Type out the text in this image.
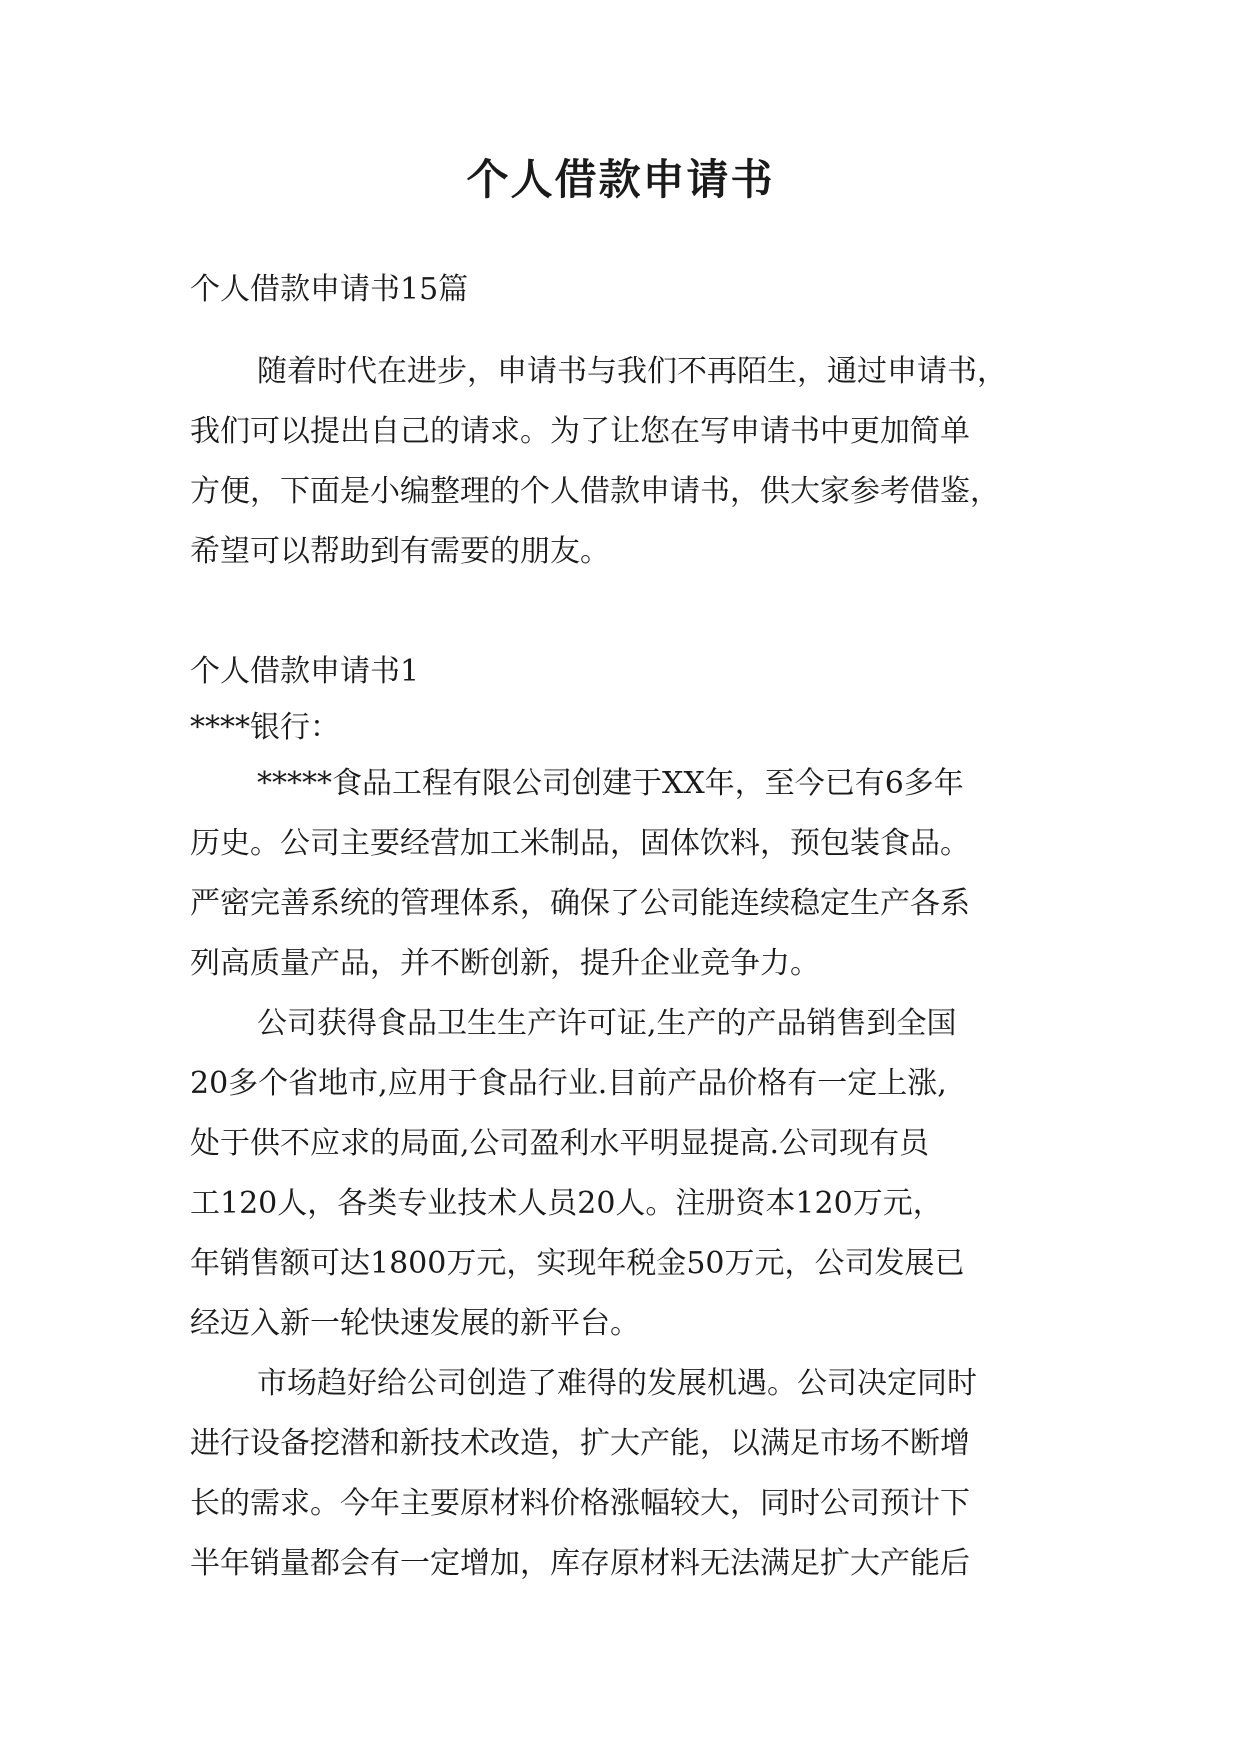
个人借款申请书
个人借款申请书15篇
随着时代在进步，申请书与我们不再陌生，通过申请书，
我们可以提出自己的请求。为了让您在写申请书中更加简单
方便，下面是小编整理的个人借款申请书，供大家参考借鉴，
希望可以帮助到有需要的朋友。
个人借款申请书1
****银行：
*****食品工程有限公司创建于XX年，至今已有6多年
历史。公司主要经营加工米制品，固体饮料，预包装食品。
严密完善系统的管理体系，确保了公司能连续稳定生产各系
列高质量产品，并不断创新，提升企业竞争力。
公司获得食品卫生生产许可证,生产的产品销售到全国
20多个省地市,应用于食品行业.目前产品价格有一定上涨,
处于供不应求的局面,公司盈利水平明显提高.公司现有员
工120人，各类专业技术人员20人。注册资本120万元，
年销售额可达1800万元，实现年税金50万元，公司发展已
经迈入新一轮快速发展的新平台。
市场趋好给公司创造了难得的发展机遇。公司决定同时
进行设备挖潜和新技术改造，扩大产能，以满足市场不断增
长的需求。今年主要原材料价格涨幅较大，同时公司预计下
半年销量都会有一定增加，库存原材料无法满足扩大产能后
